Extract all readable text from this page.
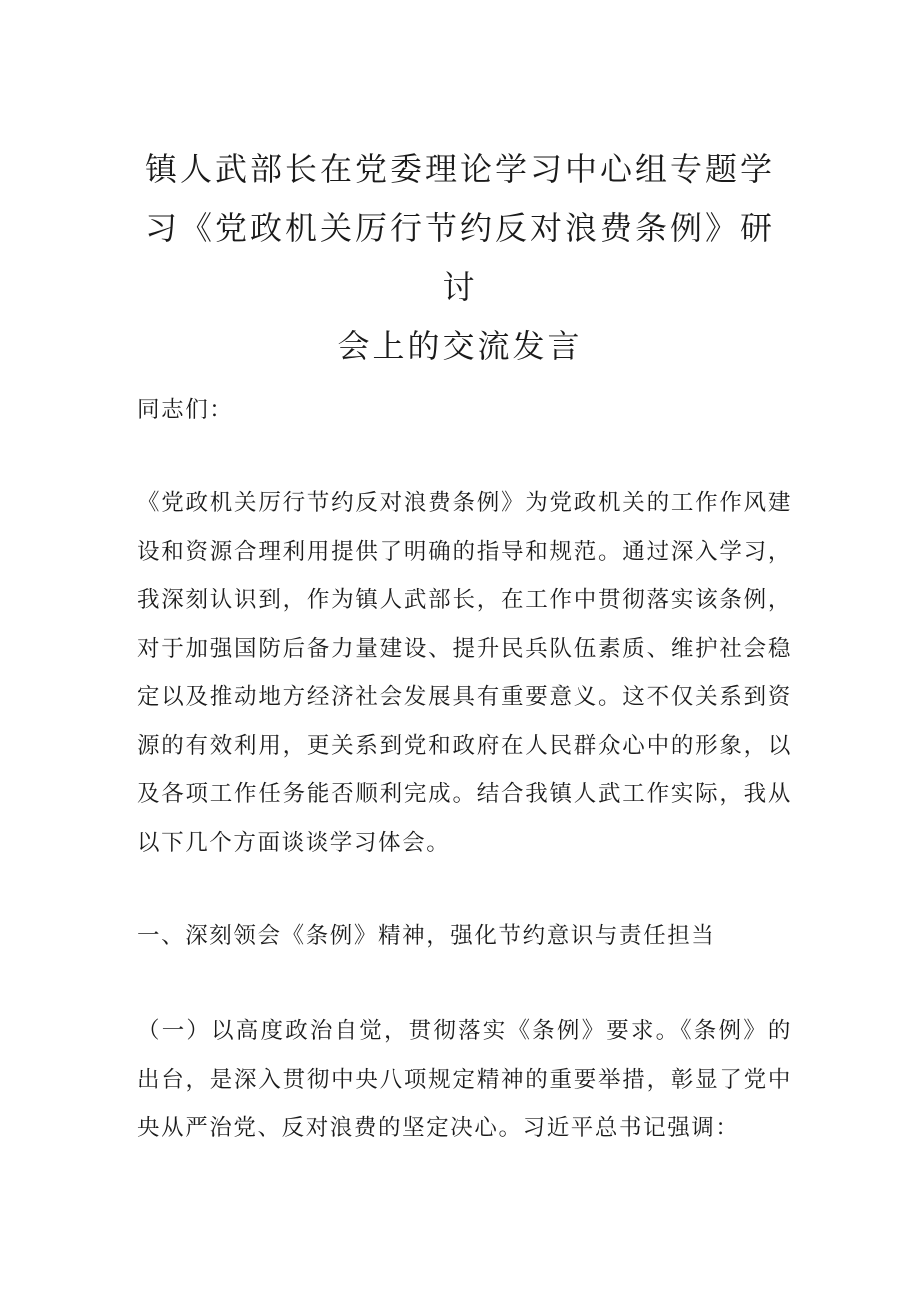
镇人武部长在党委理论学习中心组专题学
习《党政机关厉行节约反对浪费条例》研讨
会上的交流发言

同志们：

《党政机关厉行节约反对浪费条例》为党政机关的工作作风建设和资源合理利用提供了明确的指导和规范。通过深入学习，我深刻认识到，作为镇人武部长，在工作中贯彻落实该条例，对于加强国防后备力量建设、提升民兵队伍素质、维护社会稳定以及推动地方经济社会发展具有重要意义。这不仅关系到资源的有效利用，更关系到党和政府在人民群众心中的形象，以及各项工作任务能否顺利完成。结合我镇人武工作实际，我从以下几个方面谈谈学习体会。

一、深刻领会《条例》精神，强化节约意识与责任担当

（一）以高度政治自觉，贯彻落实《条例》要求。《条例》的出台，是深入贯彻中央八项规定精神的重要举措，彰显了党中央从严治党、反对浪费的坚定决心。习近平总书记强调：
